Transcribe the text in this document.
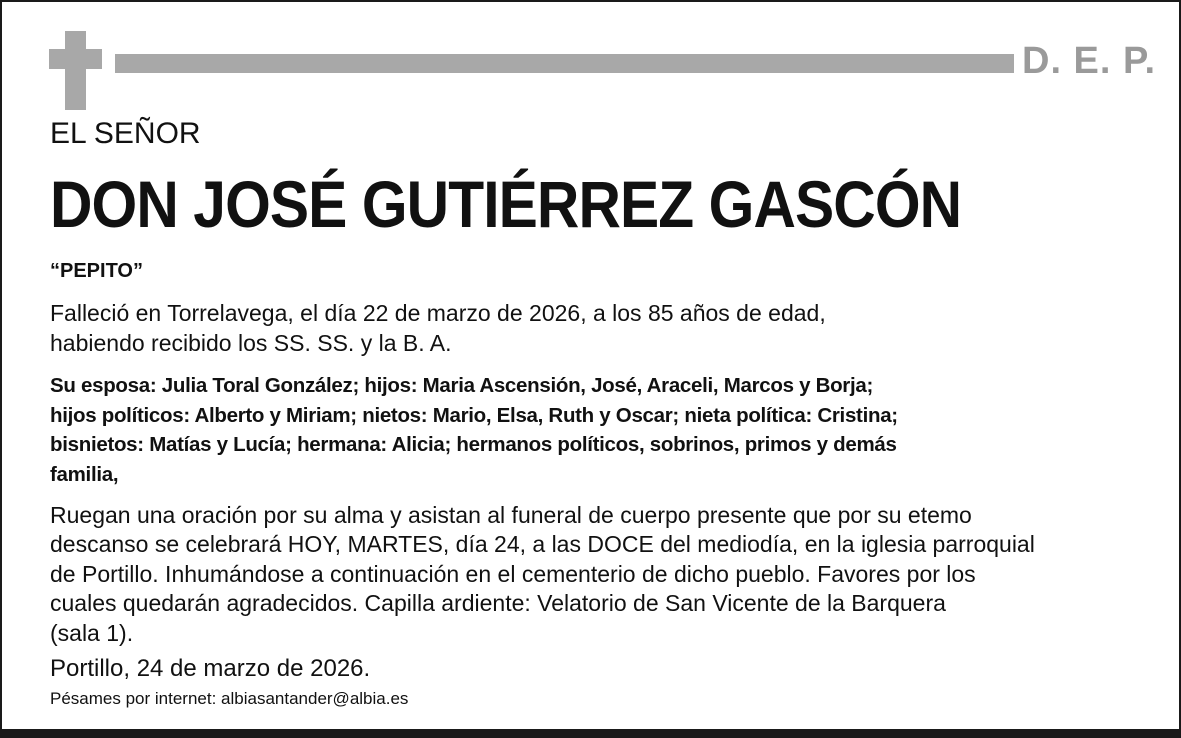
D. E. P.
EL SEÑOR
DON JOSÉ GUTIÉRREZ GASCÓN
“PEPITO”
Falleció en Torrelavega, el día 22 de marzo de 2026, a los 85 años de edad,
habiendo recibido los SS. SS. y la B. A.
Su esposa: Julia Toral González; hijos: Maria Ascensión, José, Araceli, Marcos y Borja;
hijos políticos: Alberto y Miriam; nietos: Mario, Elsa, Ruth y Oscar; nieta política: Cristina;
bisnietos: Matías y Lucía; hermana: Alicia; hermanos políticos, sobrinos, primos y demás
familia,
Ruegan una oración por su alma y asistan al funeral de cuerpo presente que por su etemo
descanso se celebrará HOY, MARTES, día 24, a las DOCE del mediodía, en la iglesia parroquial
de Portillo. Inhumándose a continuación en el cementerio de dicho pueblo. Favores por los
cuales quedarán agradecidos. Capilla ardiente: Velatorio de San Vicente de la Barquera
(sala 1).
Portillo, 24 de marzo de 2026.
Pésames por internet: albiasantander@albia.es
